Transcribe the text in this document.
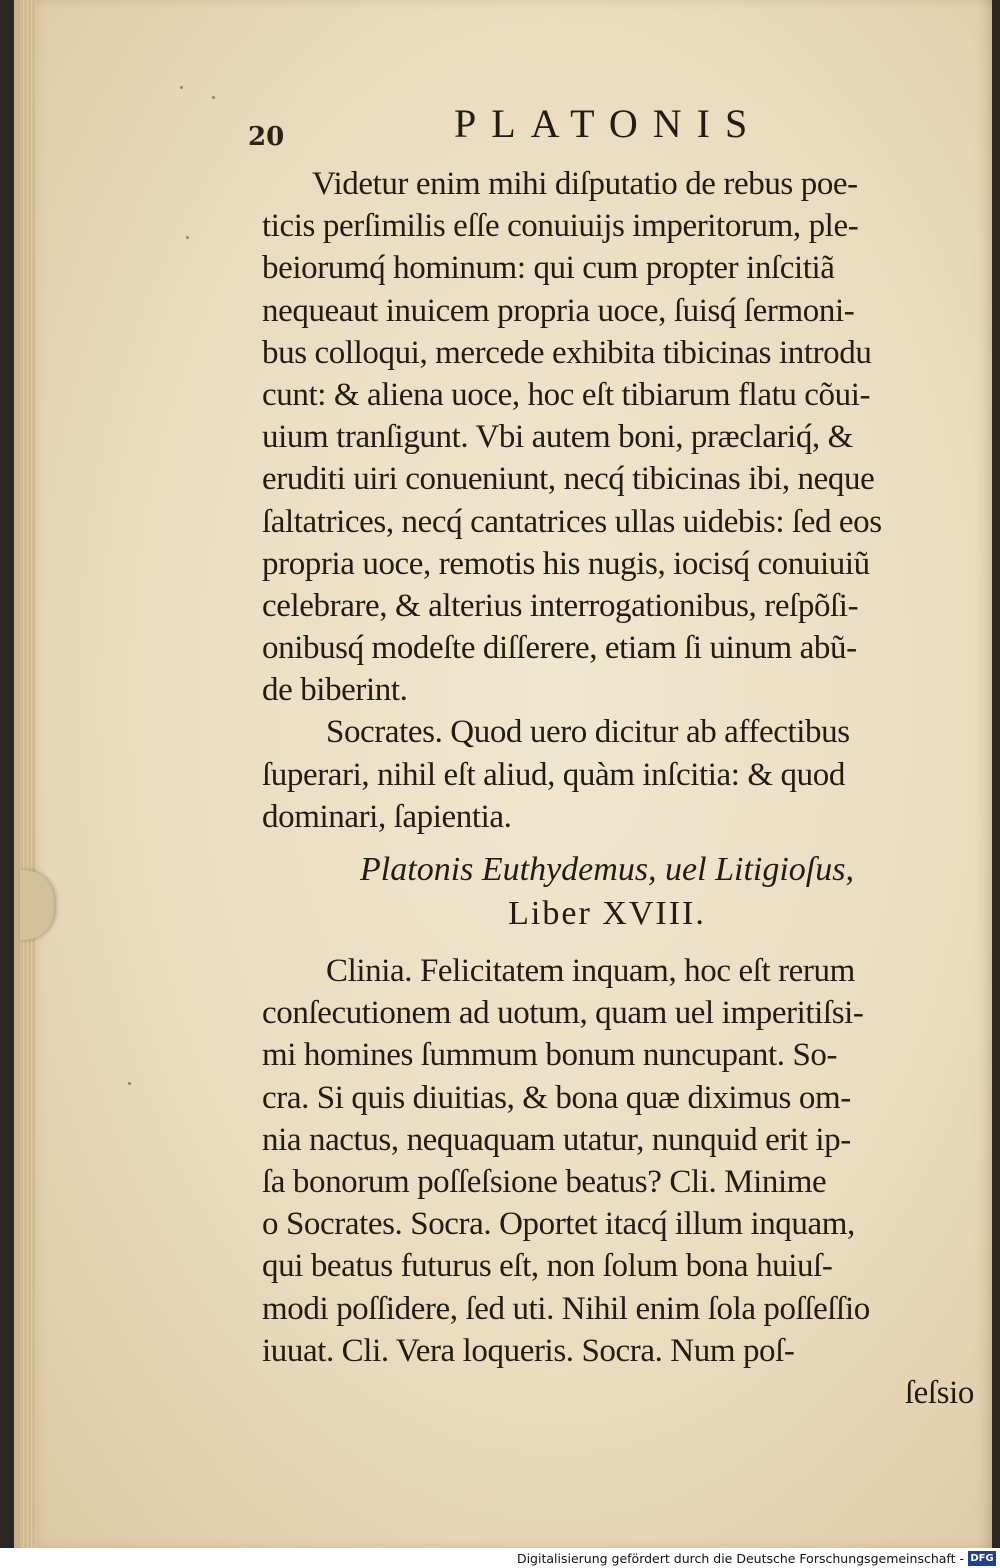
20	PLATONIS
Videtur enim mihi diſputatio de rebus poe-
ticis perſimilis eſſe conuiuijs imperitorum, ple-
beiorumq́ hominum: qui cum propter inſcitiã
nequeaut inuicem propria uoce, ſuisq́ ſermoni-
bus colloqui, mercede exhibita tibicinas introdu
cunt: & aliena uoce, hoc eſt tibiarum flatu cõui-
uium tranſigunt. Vbi autem boni, præclariq́, &
eruditi uiri conueniunt, necq́ tibicinas ibi, neque
ſaltatrices, necq́ cantatrices ullas uidebis: ſed eos
propria uoce, remotis his nugis, iocisq́ conuiuiũ
celebrare, & alterius interrogationibus, reſpõſi-
onibusq́ modeſte diſſerere, etiam ſi uinum abũ-
de biberint.
Socrates. Quod uero dicitur ab affectibus
ſuperari, nihil eſt aliud, quàm inſcitia: & quod
dominari, ſapientia.
Platonis Euthydemus, uel Litigioſus,
Liber XVIII.
Clinia. Felicitatem inquam, hoc eſt rerum
conſecutionem ad uotum, quam uel imperitiſsi-
mi homines ſummum bonum nuncupant. So-
cra. Si quis diuitias, & bona quæ diximus om-
nia nactus, nequaquam utatur, nunquid erit ip-
ſa bonorum poſſeſsione beatus? Cli. Minime
o Socrates. Socra. Oportet itacq́ illum inquam,
qui beatus futurus eſt, non ſolum bona huiuſ-
modi poſſidere, ſed uti. Nihil enim ſola poſſeſſio
iuuat. Cli. Vera loqueris. Socra. Num poſ-
ſeſsio
Digitalisierung gefördert durch die Deutsche Forschungsgemeinschaft - DFG
